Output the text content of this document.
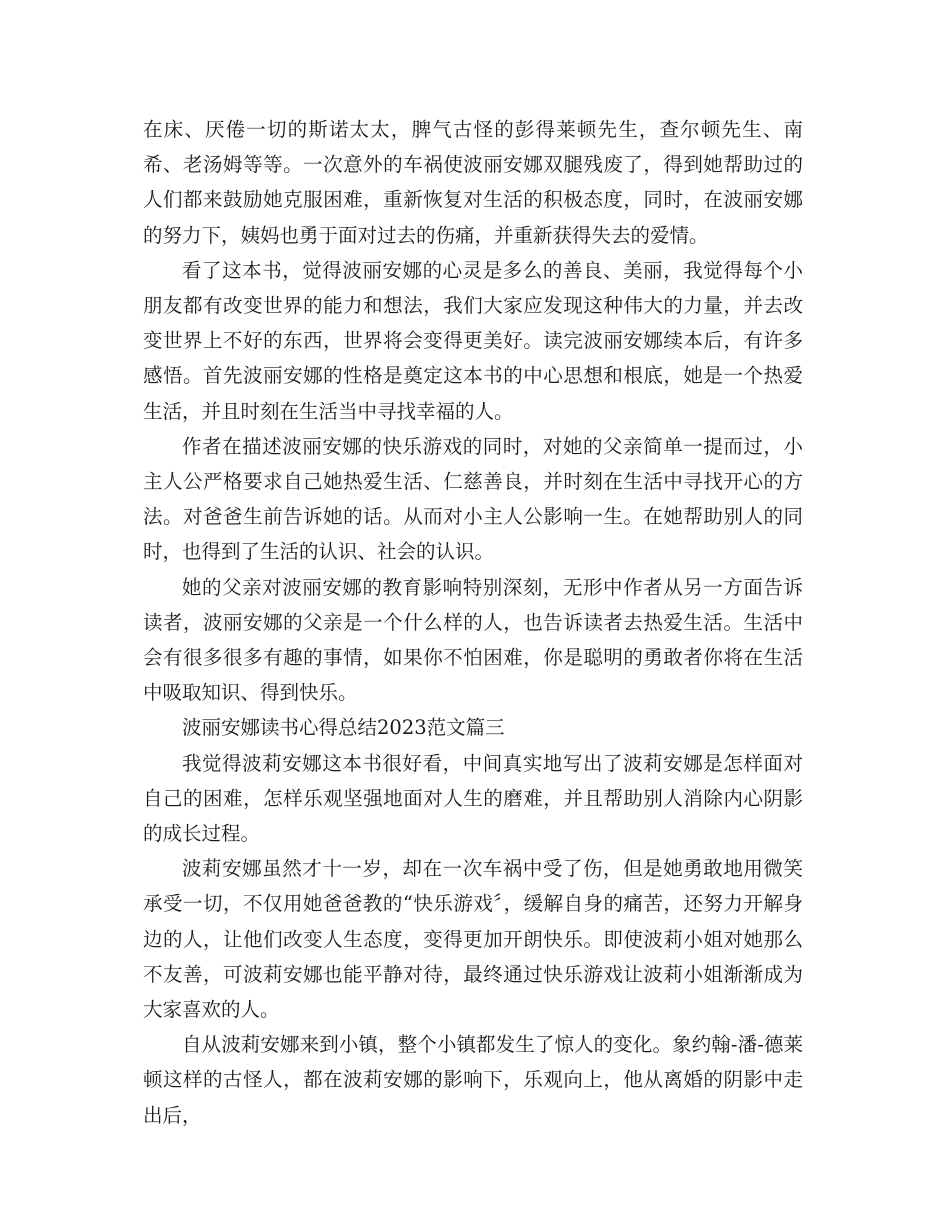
在床、厌倦一切的斯诺太太，脾气古怪的彭得莱顿先生，查尔顿先生、南希、老汤姆等等。一次意外的车祸使波丽安娜双腿残废了，得到她帮助过的人们都来鼓励她克服困难，重新恢复对生活的积极态度，同时，在波丽安娜的努力下，姨妈也勇于面对过去的伤痛，并重新获得失去的爱情。

看了这本书，觉得波丽安娜的心灵是多么的善良、美丽，我觉得每个小朋友都有改变世界的能力和想法，我们大家应发现这种伟大的力量，并去改变世界上不好的东西，世界将会变得更美好。读完波丽安娜续本后，有许多感悟。首先波丽安娜的性格是奠定这本书的中心思想和根底，她是一个热爱生活，并且时刻在生活当中寻找幸福的人。

作者在描述波丽安娜的快乐游戏的同时，对她的父亲简单一提而过，小主人公严格要求自己她热爱生活、仁慈善良，并时刻在生活中寻找开心的方法。对爸爸生前告诉她的话。从而对小主人公影响一生。在她帮助别人的同时，也得到了生活的认识、社会的认识。

她的父亲对波丽安娜的教育影响特别深刻，无形中作者从另一方面告诉读者，波丽安娜的父亲是一个什么样的人，也告诉读者去热爱生活。生活中会有很多很多有趣的事情，如果你不怕困难，你是聪明的勇敢者你将在生活中吸取知识、得到快乐。

波丽安娜读书心得总结2023范文篇三

我觉得波莉安娜这本书很好看，中间真实地写出了波莉安娜是怎样面对自己的困难，怎样乐观坚强地面对人生的磨难，并且帮助别人消除内心阴影的成长过程。

波莉安娜虽然才十一岁，却在一次车祸中受了伤，但是她勇敢地用微笑承受一切，不仅用她爸爸教的“快乐游戏〞，缓解自身的痛苦，还努力开解身边的人，让他们改变人生态度，变得更加开朗快乐。即使波莉小姐对她那么不友善，可波莉安娜也能平静对待，最终通过快乐游戏让波莉小姐渐渐成为大家喜欢的人。

自从波莉安娜来到小镇，整个小镇都发生了惊人的变化。象约翰-潘-德莱顿这样的古怪人，都在波莉安娜的影响下，乐观向上，他从离婚的阴影中走出后，
